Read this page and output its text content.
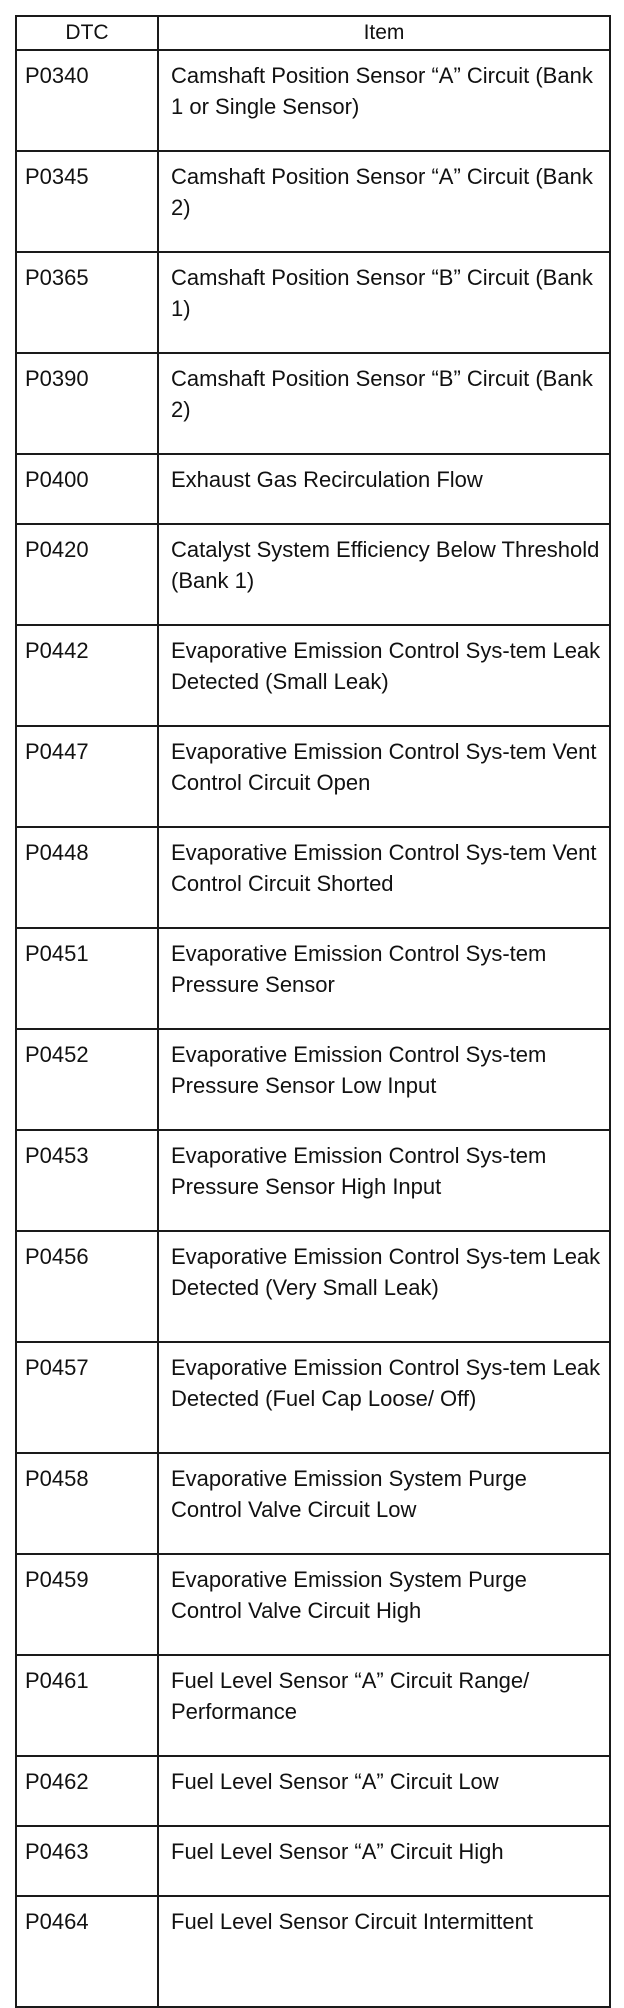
DTC	Item
P0340	Camshaft Position Sensor “A” Circuit (Bank 1 or Single Sensor)
P0345	Camshaft Position Sensor “A” Circuit (Bank 2)
P0365	Camshaft Position Sensor “B” Circuit (Bank 1)
P0390	Camshaft Position Sensor “B” Circuit (Bank 2)
P0400	Exhaust Gas Recirculation Flow
P0420	Catalyst System Efficiency Below Threshold (Bank 1)
P0442	Evaporative Emission Control Sys-tem Leak Detected (Small Leak)
P0447	Evaporative Emission Control Sys-tem Vent Control Circuit Open
P0448	Evaporative Emission Control Sys-tem Vent Control Circuit Shorted
P0451	Evaporative Emission Control Sys-tem Pressure Sensor
P0452	Evaporative Emission Control Sys-tem Pressure Sensor Low Input
P0453	Evaporative Emission Control Sys-tem Pressure Sensor High Input
P0456	Evaporative Emission Control Sys-tem Leak Detected (Very Small Leak)
P0457	Evaporative Emission Control Sys-tem Leak Detected (Fuel Cap Loose/ Off)
P0458	Evaporative Emission System Purge Control Valve Circuit Low
P0459	Evaporative Emission System Purge Control Valve Circuit High
P0461	Fuel Level Sensor “A” Circuit Range/ Performance
P0462	Fuel Level Sensor “A” Circuit Low
P0463	Fuel Level Sensor “A” Circuit High
P0464	Fuel Level Sensor Circuit Intermittent
